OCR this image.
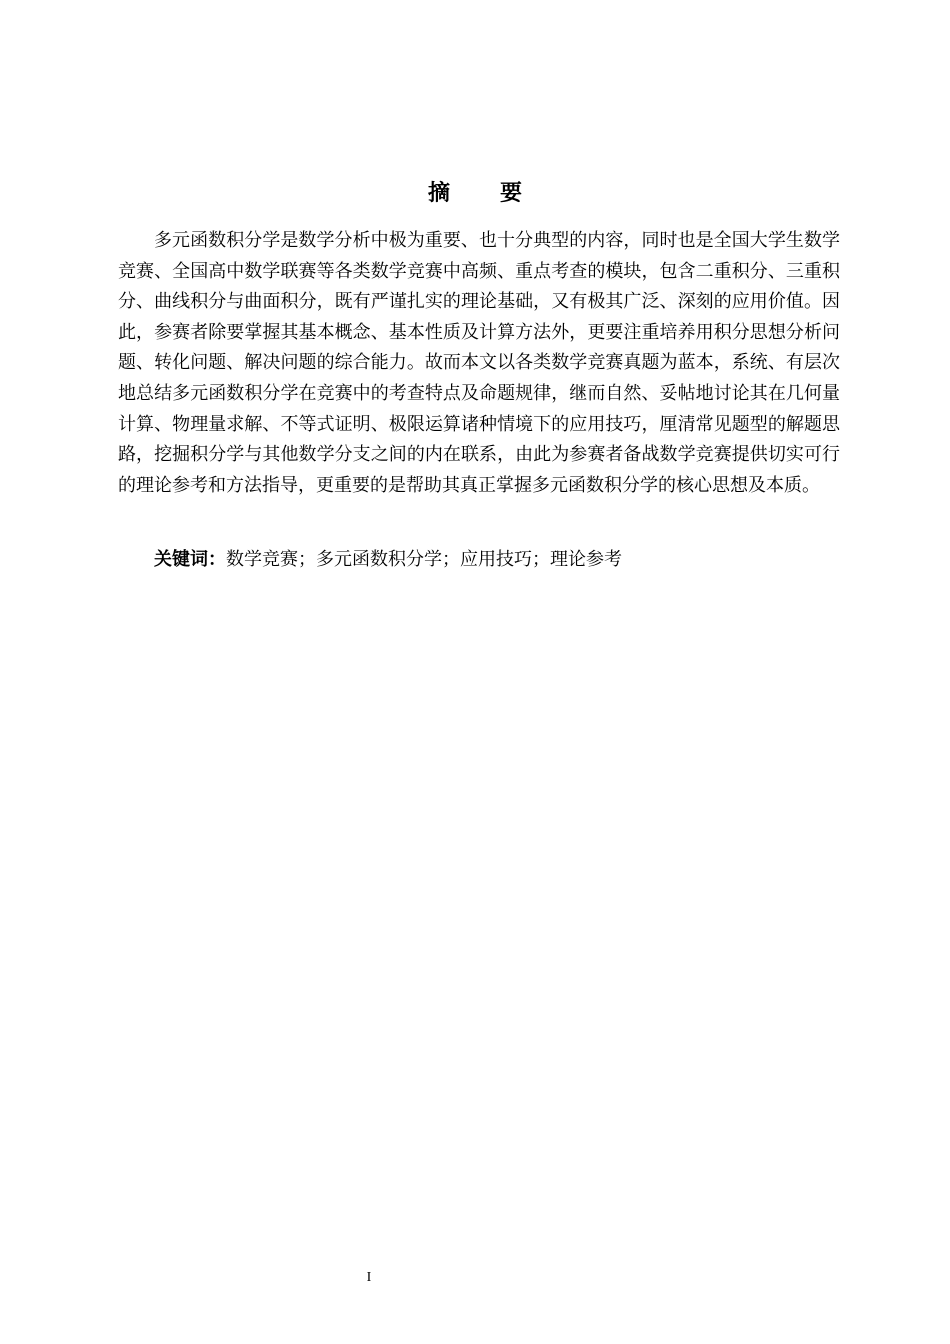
摘要

多元函数积分学是数学分析中极为重要、也十分典型的内容，同时也是全国大学生数学竞赛、全国高中数学联赛等各类数学竞赛中高频、重点考查的模块，包含二重积分、三重积分、曲线积分与曲面积分，既有严谨扎实的理论基础，又有极其广泛、深刻的应用价值。因此，参赛者除要掌握其基本概念、基本性质及计算方法外，更要注重培养用积分思想分析问题、转化问题、解决问题的综合能力。故而本文以各类数学竞赛真题为蓝本，系统、有层次地总结多元函数积分学在竞赛中的考查特点及命题规律，继而自然、妥帖地讨论其在几何量计算、物理量求解、不等式证明、极限运算诸种情境下的应用技巧，厘清常见题型的解题思路，挖掘积分学与其他数学分支之间的内在联系，由此为参赛者备战数学竞赛提供切实可行的理论参考和方法指导，更重要的是帮助其真正掌握多元函数积分学的核心思想及本质。

关键词：数学竞赛；多元函数积分学；应用技巧；理论参考

I
